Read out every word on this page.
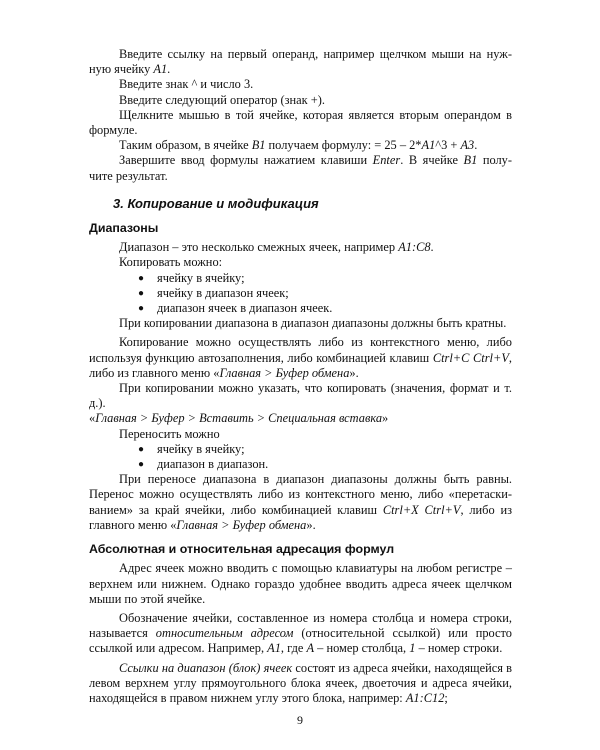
Введите ссылку на первый операнд, например щелчком мыши на нуж-ную ячейку A1.

Введите знак ^ и число 3.

Введите следующий оператор (знак +).

Щелкните мышью в той ячейке, которая является вторым операндом в формуле.

Таким образом, в ячейке B1 получаем формулу: = 25 – 2*A1^3 + A3.

Завершите ввод формулы нажатием клавиши Enter. В ячейке B1 полу-чите результат.

3. Копирование и модификация
Диапазоны

Диапазон – это несколько смежных ячеек, например A1:C8.

Копировать можно:

● ячейку в ячейку;
● ячейку в диапазон ячеек;
● диапазон ячеек в диапазон ячеек.

При копировании диапазона в диапазон диапазоны должны быть кратны.

Копирование можно осуществлять либо из контекстного меню, либо используя функцию автозаполнения, либо комбинацией клавиш Ctrl+C Ctrl+V, либо из главного меню «Главная > Буфер обмена».

При копировании можно указать, что копировать (значения, формат и т. д.).

«Главная > Буфер > Вставить > Специальная вставка»

Переносить можно

● ячейку в ячейку;
● диапазон в диапазон.

При переносе диапазона в диапазон диапазоны должны быть равны. Перенос можно осуществлять либо из контекстного меню, либо «перетаски-ванием» за край ячейки, либо комбинацией клавиш Ctrl+X Ctrl+V, либо из главного меню «Главная > Буфер обмена».

Абсолютная и относительная адресация формул

Адрес ячеек можно вводить с помощью клавиатуры на любом регистре – верхнем или нижнем. Однако гораздо удобнее вводить адреса ячеек щелчком мыши по этой ячейке.

Обозначение ячейки, составленное из номера столбца и номера строки, называется относительным адресом (относительной ссылкой) или просто ссылкой или адресом. Например, A1, где A – номер столбца, 1 – номер строки.

Ссылки на диапазон (блок) ячеек состоят из адреса ячейки, находящейся в левом верхнем углу прямоугольного блока ячеек, двоеточия и адреса ячейки, находящейся в правом нижнем углу этого блока, например: A1:C12;

9
